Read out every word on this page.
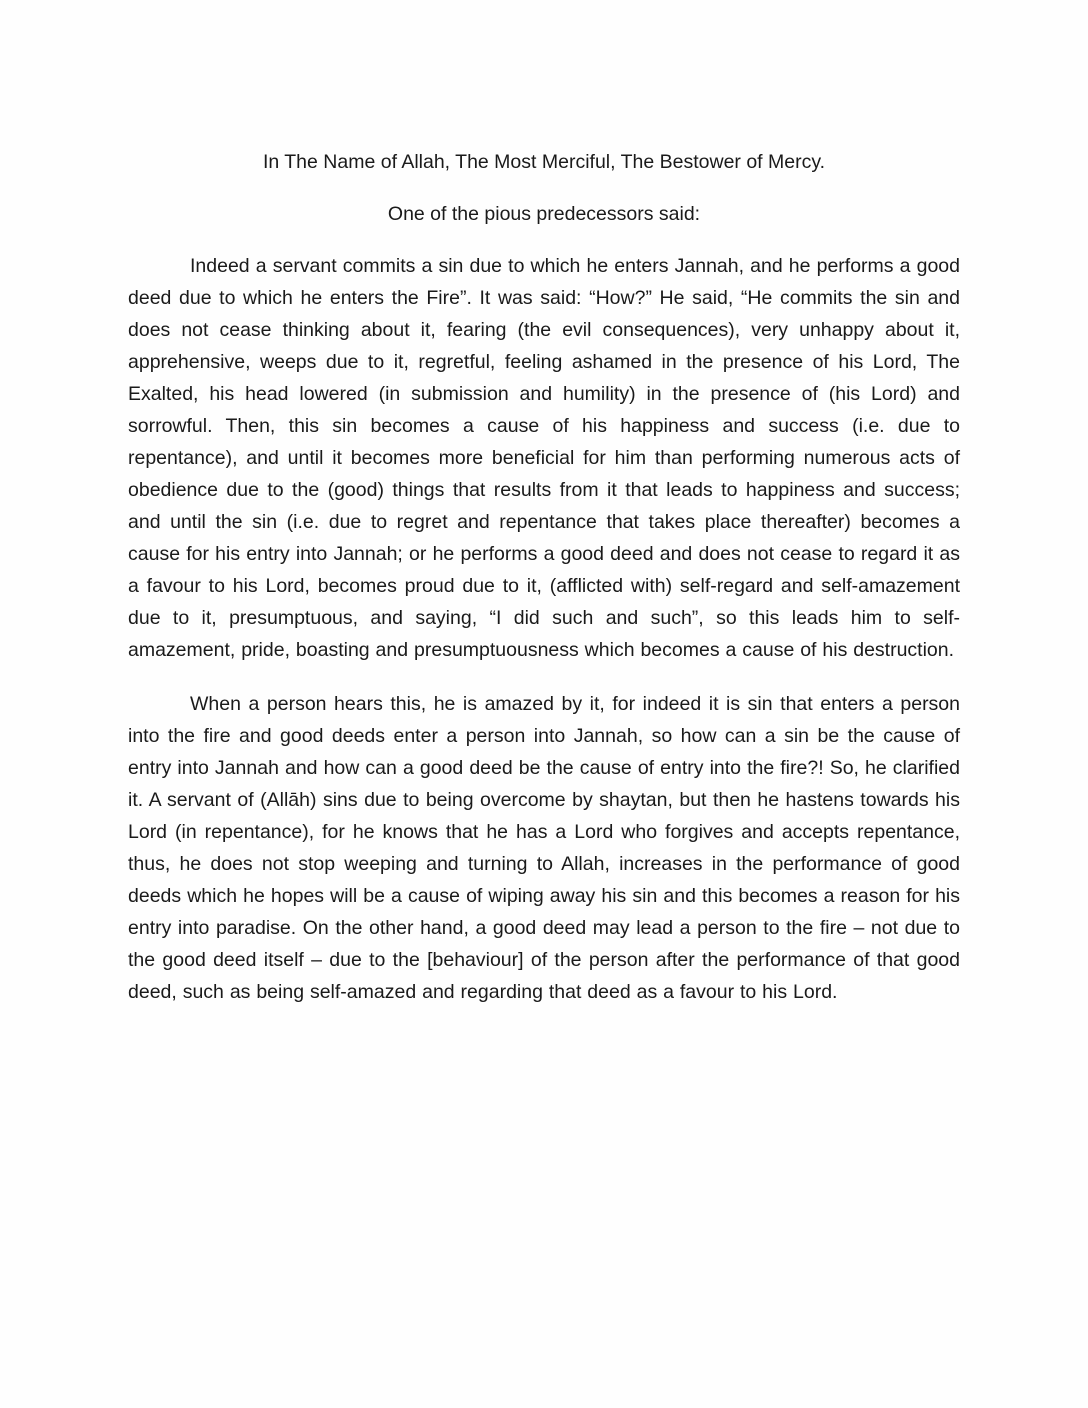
In The Name of Allah, The Most Merciful, The Bestower of Mercy.

One of the pious predecessors said:

Indeed a servant commits a sin due to which he enters Jannah, and he performs a good deed due to which he enters the Fire”. It was said: “How?” He said, “He commits the sin and does not cease thinking about it, fearing (the evil consequences), very unhappy about it, apprehensive, weeps due to it, regretful, feeling ashamed in the presence of his Lord, The Exalted, his head lowered (in submission and humility) in the presence of (his Lord) and sorrowful. Then, this sin becomes a cause of his happiness and success (i.e. due to repentance), and until it becomes more beneficial for him than performing numerous acts of obedience due to the (good) things that results from it that leads to happiness and success; and until the sin (i.e. due to regret and repentance that takes place thereafter) becomes a cause for his entry into Jannah; or he performs a good deed and does not cease to regard it as a favour to his Lord, becomes proud due to it, (afflicted with) self-regard and self-amazement due to it, presumptuous, and saying, “I did such and such”, so this leads him to self-amazement, pride, boasting and presumptuousness which becomes a cause of his destruction.

When a person hears this, he is amazed by it, for indeed it is sin that enters a person into the fire and good deeds enter a person into Jannah, so how can a sin be the cause of entry into Jannah and how can a good deed be the cause of entry into the fire?! So, he clarified it. A servant of (Allāh) sins due to being overcome by shaytan, but then he hastens towards his Lord (in repentance), for he knows that he has a Lord who forgives and accepts repentance, thus, he does not stop weeping and turning to Allah, increases in the performance of good deeds which he hopes will be a cause of wiping away his sin and this becomes a reason for his entry into paradise. On the other hand, a good deed may lead a person to the fire – not due to the good deed itself – due to the [behaviour] of the person after the performance of that good deed, such as being self-amazed and regarding that deed as a favour to his Lord.
